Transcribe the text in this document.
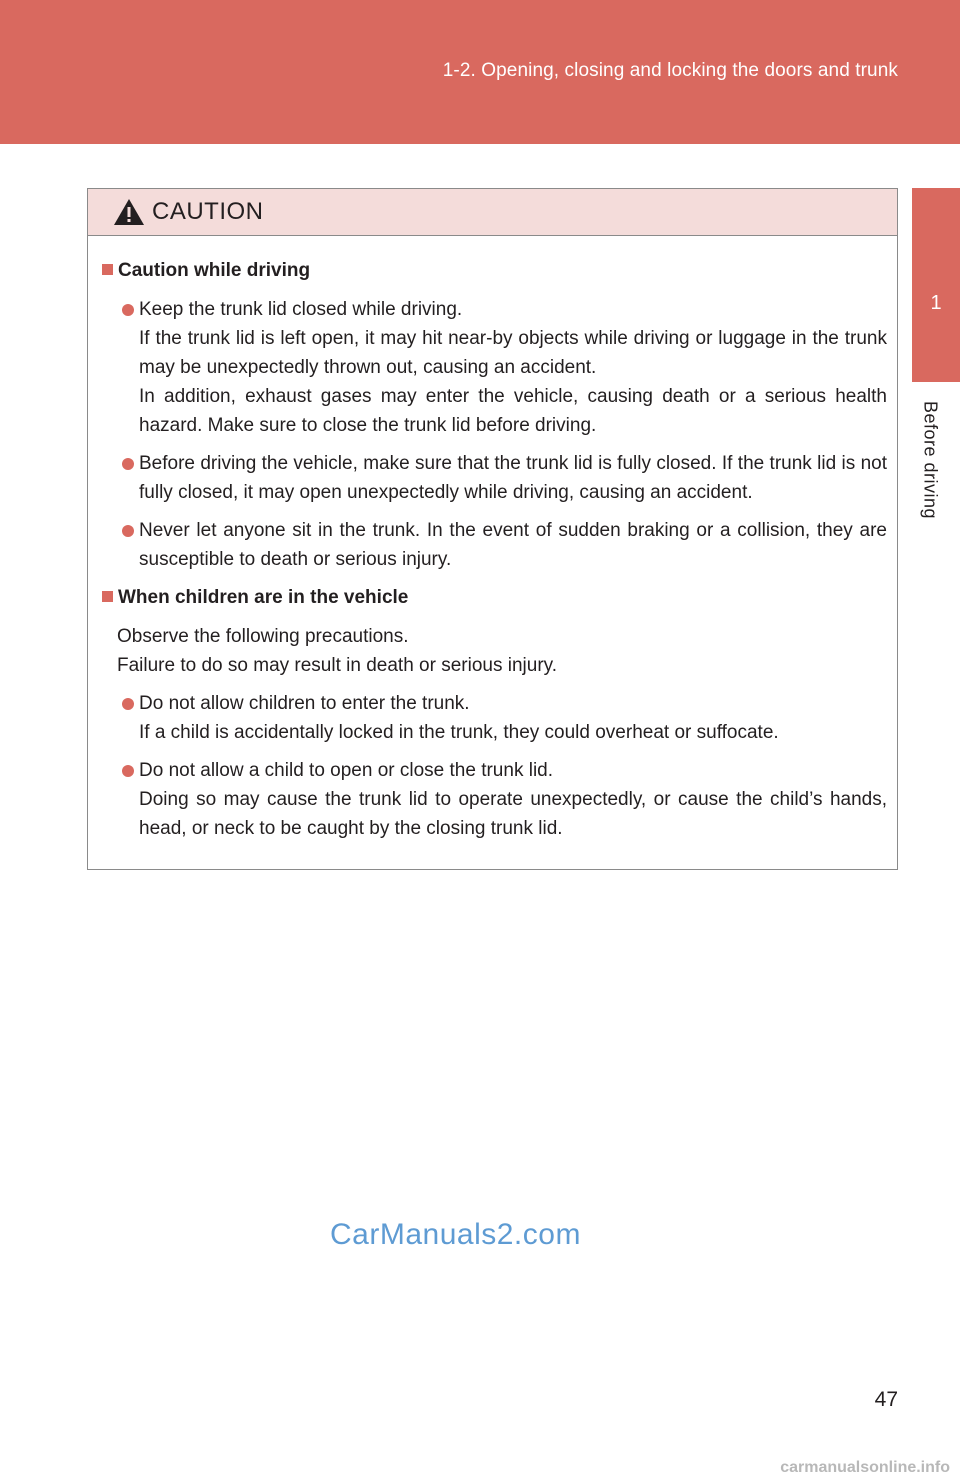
1-2. Opening, closing and locking the doors and trunk
1
Before driving
CAUTION
Caution while driving

Keep the trunk lid closed while driving.

If the trunk lid is left open, it may hit near-by objects while driving or luggage in the trunk may be unexpectedly thrown out, causing an accident.

In addition, exhaust gases may enter the vehicle, causing death or a serious health hazard. Make sure to close the trunk lid before driving.

Before driving the vehicle, make sure that the trunk lid is fully closed. If the trunk lid is not fully closed, it may open unexpectedly while driving, causing an accident.

Never let anyone sit in the trunk. In the event of sudden braking or a collision, they are susceptible to death or serious injury.

When children are in the vehicle

Observe the following precautions.

Failure to do so may result in death or serious injury.

Do not allow children to enter the trunk.

If a child is accidentally locked in the trunk, they could overheat or suffocate.

Do not allow a child to open or close the trunk lid.

Doing so may cause the trunk lid to operate unexpectedly, or cause the child’s hands, head, or neck to be caught by the closing trunk lid.

CarManuals2.com
47
carmanualsonline.info
